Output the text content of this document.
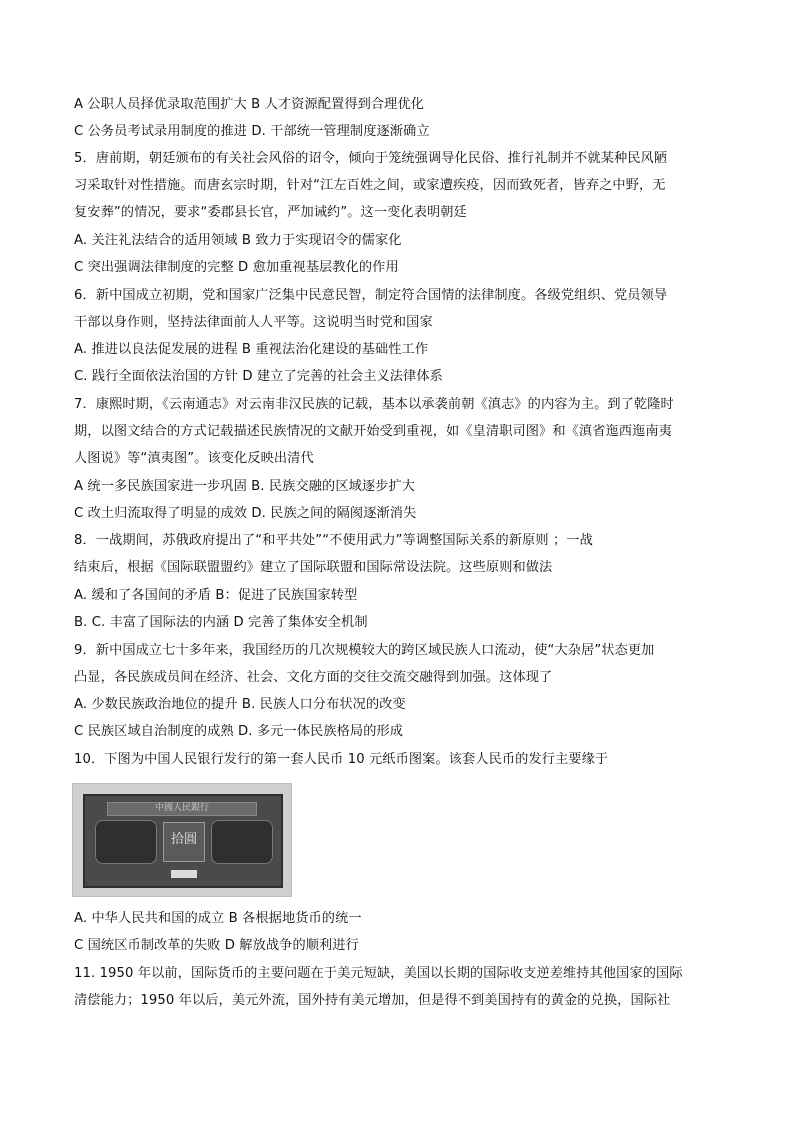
A 公职人员择优录取范围扩大 B 人才资源配置得到合理优化
C 公务员考试录用制度的推进 D. 干部统一管理制度逐渐确立
5．唐前期，朝廷颁布的有关社会风俗的诏令，倾向于笼统强调导化民俗、推行礼制并不就某种民风陋
习采取针对性措施。而唐玄宗时期，针对“江左百姓之间，或家遭疾疫，因而致死者，皆弃之中野，无
复安葬”的情况，要求“委郡县长官，严加诫约”。这一变化表明朝廷
A. 关注礼法结合的适用领域 B 致力于实现诏令的儒家化
C 突出强调法律制度的完整 D 愈加重视基层教化的作用
6．新中国成立初期，党和国家广泛集中民意民智，制定符合国情的法律制度。各级党组织、党员领导
干部以身作则，坚持法律面前人人平等。这说明当时党和国家
A. 推进以良法促发展的进程 B 重视法治化建设的基础性工作
C. 践行全面依法治国的方针 D 建立了完善的社会主义法律体系
7．康熙时期，《云南通志》对云南非汉民族的记载，基本以承袭前朝《滇志》的内容为主。到了乾隆时
期，以图文结合的方式记载描述民族情况的文献开始受到重视，如《皇清职司图》和《滇省迤西迤南夷
人图说》等“滇夷图”。该变化反映出清代
A 统一多民族国家进一步巩固 B. 民族交融的区域逐步扩大
C 改土归流取得了明显的成效 D. 民族之间的隔阂逐渐消失
8．一战期间，苏俄政府提出了“和平共处”“不使用武力”等调整国际关系的新原则 ；一战
结束后，根据《国际联盟盟约》建立了国际联盟和国际常设法院。这些原则和做法
A. 缓和了各国间的矛盾 B：促进了民族国家转型
B. C. 丰富了国际法的内涵 D 完善了集体安全机制
9．新中国成立七十多年来，我国经历的几次规模较大的跨区域民族人口流动，使“大杂居”状态更加
凸显，各民族成员间在经济、社会、文化方面的交往交流交融得到加强。这体现了
A. 少数民族政治地位的提升 B. 民族人口分布状况的改变
C 民族区域自治制度的成熟 D. 多元一体民族格局的形成
10．下图为中国人民银行发行的第一套人民币 10 元纸币图案。该套人民币的发行主要缘于
中國人民銀行
拾圓
A. 中华人民共和国的成立 B 各根据地货币的统一
C 国统区币制改革的失败 D 解放战争的顺利进行
11. 1950 年以前，国际货币的主要问题在于美元短缺，美国以长期的国际收支逆差维持其他国家的国际
清偿能力；1950 年以后，美元外流，国外持有美元增加，但是得不到美国持有的黄金的兑换，国际社
